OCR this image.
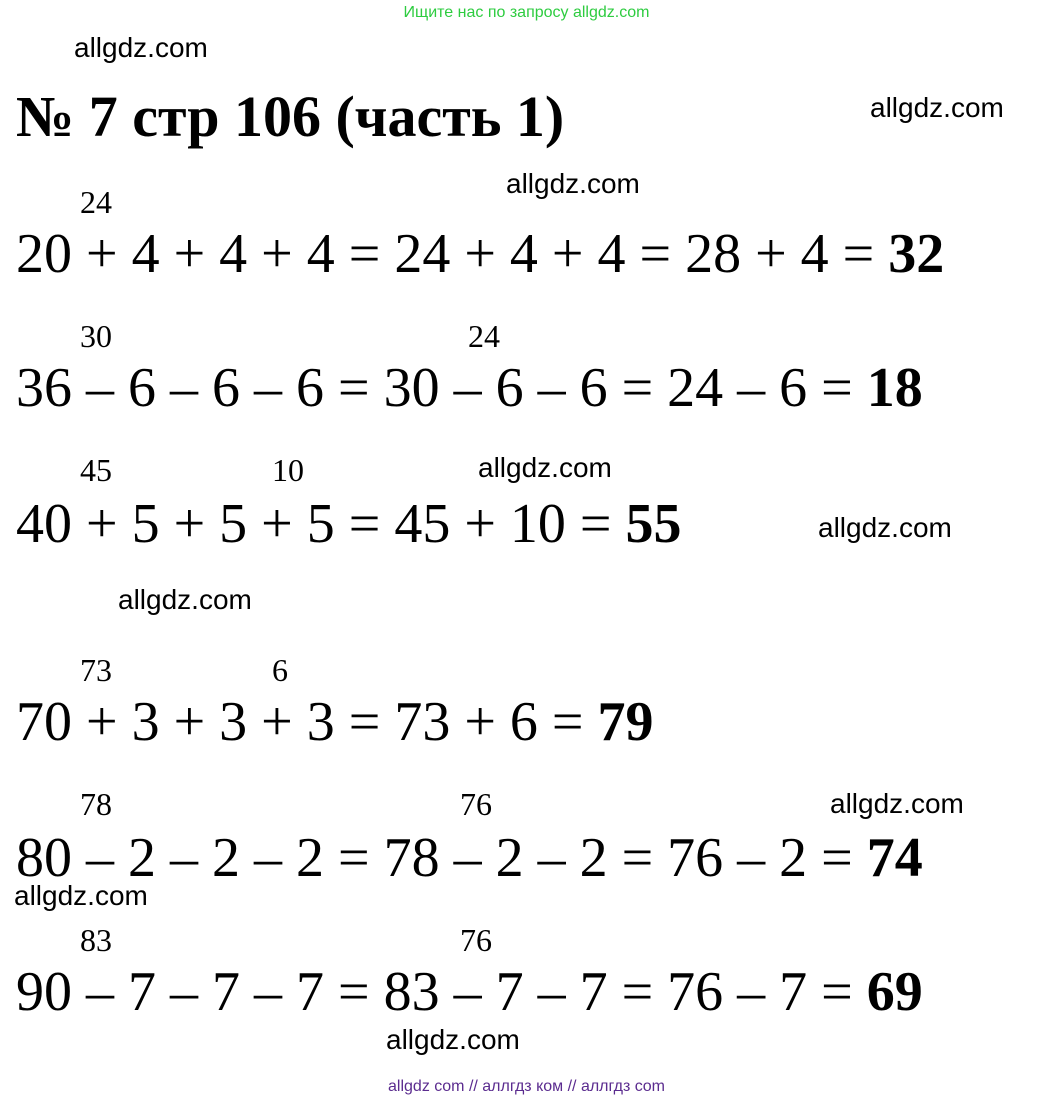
Ищите нас по запросу allgdz.com
allgdz.com
allgdz.com
allgdz.com
allgdz.com
allgdz.com
allgdz.com
allgdz.com
allgdz.com
allgdz.com
№ 7 стр 106 (часть 1)
24
20 + 4 + 4 + 4 = 24 + 4 + 4 = 28 + 4 = 32
30	24
36 – 6 – 6 – 6 = 30 – 6 – 6 = 24 – 6 = 18
45	10
40 + 5 + 5 + 5 = 45 + 10 = 55
73	6
70 + 3 + 3 + 3 = 73 + 6 = 79
78	76
80 – 2 – 2 – 2 = 78 – 2 – 2 = 76 – 2 = 74
83	76
90 – 7 – 7 – 7 = 83 – 7 – 7 = 76 – 7 = 69
allgdz com // аллгдз ком // аллгдз com
